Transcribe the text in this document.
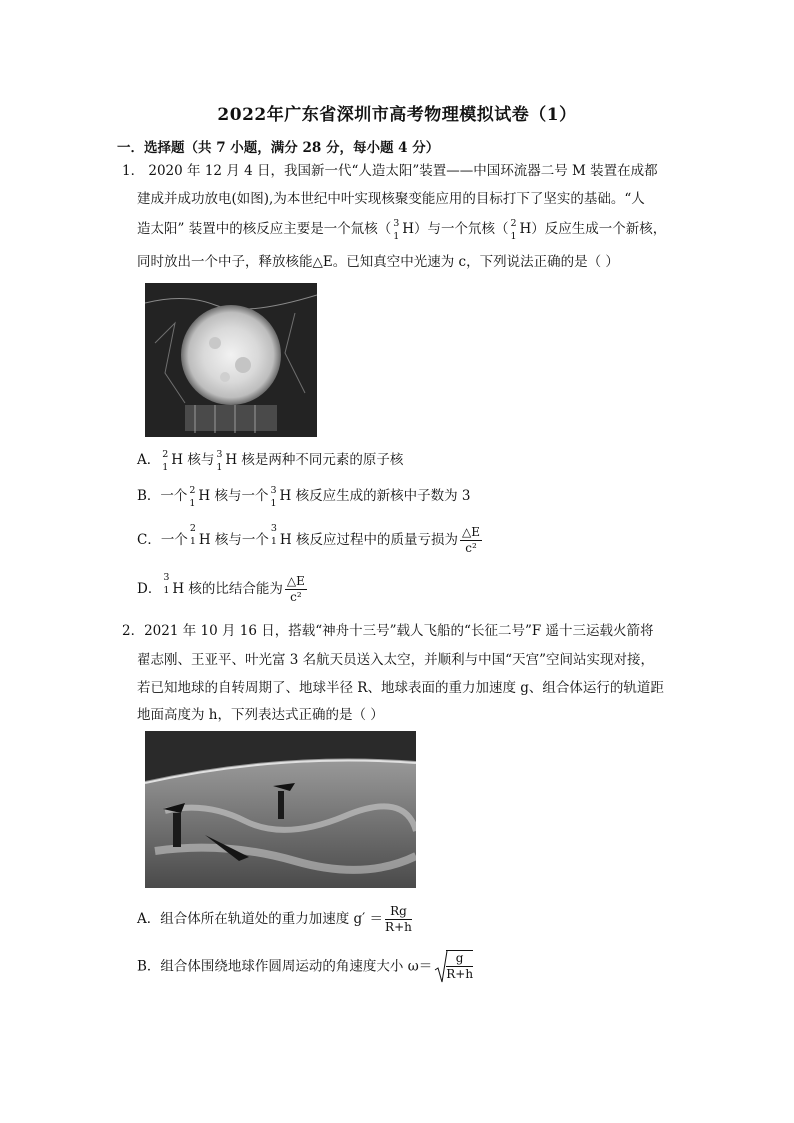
2022年广东省深圳市高考物理模拟试卷（1）
一．选择题（共 7 小题，满分 28 分，每小题 4 分）
1． 2020 年 12 月 4 日，我国新一代“人造太阳”装置——中国环流器二号 M 装置在成都
建成并成功放电(如图),为本世纪中叶实现核聚变能应用的目标打下了坚实的基础。“人
造太阳” 装置中的核反应主要是一个氚核（ 3
1 H）与一个氘核（ 2
1 H）反应生成一个新核，
同时放出一个中子，释放核能△E。已知真空中光速为 c，下列说法正确的是（ ）
A． 2
1 H 核与 3
1 H 核是两种不同元素的原子核
B．一个 2
1 H 核与一个 3
1 H 核反应生成的新核中子数为 3
C．一个
2
1 H 核与一个
3
1 H 核反应过程中的质量亏损为 $\frac{\triangle E}{\text{c²}}$
D．
3
1 H 核的比结合能为 $\frac{\triangle E}{\text{c²}}$
2．2021 年 10 月 16 日，搭载“神舟十三号”载人飞船的“长征二号”F 遥十三运载火箭将
翟志刚、王亚平、叶光富 3 名航天员送入太空，并顺利与中国“天宫”空间站实现对接，
若已知地球的自转周期了、地球半径 R、地球表面的重力加速度 g、组合体运行的轨道距
地面高度为 h，下列表达式正确的是（ ）
A．组合体所在轨道处的重力加速度 $g' = \frac{Rg}{R+h}$
B．组合体围绕地球作圆周运动的角速度大小 $\omega= \frac{g}{R+h}$
